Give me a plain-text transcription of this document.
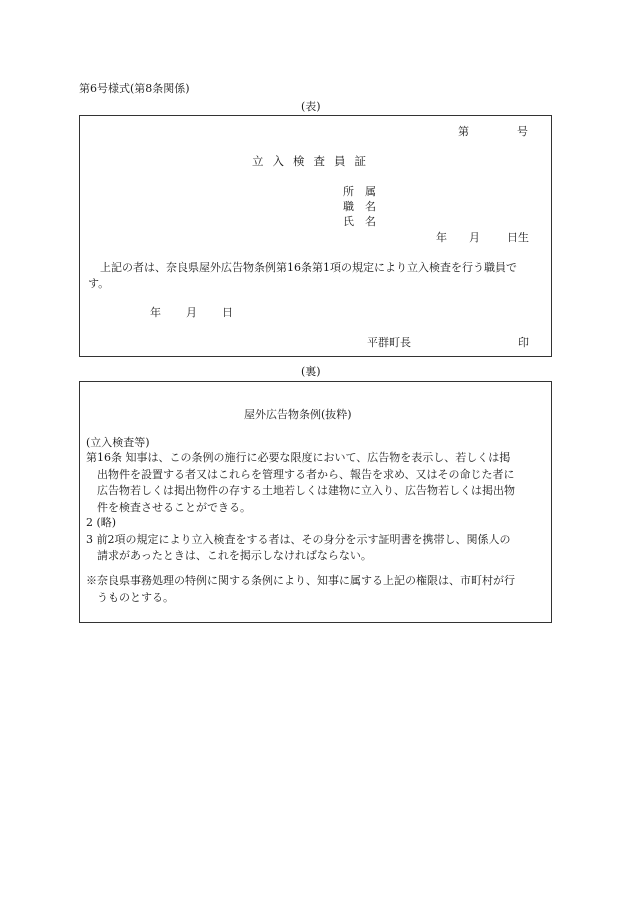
第6号様式(第8条関係)
(表)
第	号
立入検査員証
所属
職名
氏名
年 月 日生
上記の者は、奈良県屋外広告物条例第16条第1項の規定により立入検査を行う職員で
す。
年 月 日
平群町長	印
(裏)
屋外広告物条例(抜粋)
(立入検査等)
第16条 知事は、この条例の施行に必要な限度において、広告物を表示し、若しくは掲
出物件を設置する者又はこれらを管理する者から、報告を求め、又はその命じた者に
広告物若しくは掲出物件の存する土地若しくは建物に立入り、広告物若しくは掲出物
件を検査させることができる。
2 (略)
3 前2項の規定により立入検査をする者は、その身分を示す証明書を携帯し、関係人の
請求があったときは、これを掲示しなければならない。
※奈良県事務処理の特例に関する条例により、知事に属する上記の権限は、市町村が行
うものとする。
